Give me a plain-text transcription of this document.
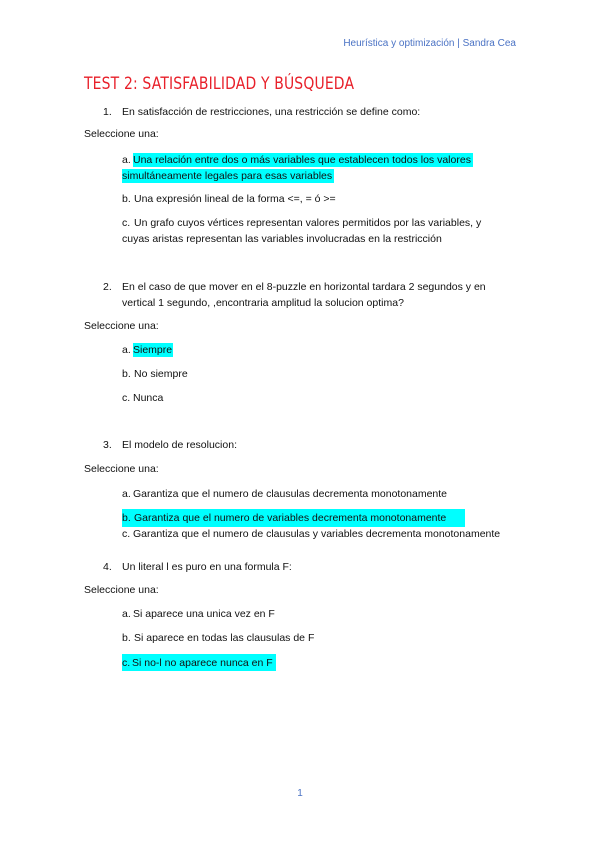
Heurística y optimización | Sandra Cea
TEST 2: SATISFABILIDAD Y BÚSQUEDA
1. En satisfacción de restricciones, una restricción se define como:
Seleccione una:
a. Una relación entre dos o más variables que establecen todos los valores
simultáneamente legales para esas variables
b. Una expresión lineal de la forma <=, = ó >=
c. Un grafo cuyos vértices representan valores permitidos por las variables, y
cuyas aristas representan las variables involucradas en la restricción
2. En el caso de que mover en el 8-puzzle en horizontal tardara 2 segundos y en
vertical 1 segundo, ,encontraria amplitud la solucion optima?
Seleccione una:
a. Siempre
b. No siempre
c. Nunca
3. El modelo de resolucion:
Seleccione una:
a. Garantiza que el numero de clausulas decrementa monotonamente
b. Garantiza que el numero de variables decrementa monotonamente
c. Garantiza que el numero de clausulas y variables decrementa monotonamente
4. Un literal l es puro en una formula F:
Seleccione una:
a. Si aparece una unica vez en F
b. Si aparece en todas las clausulas de F
c. Si no-l no aparece nunca en F
1
